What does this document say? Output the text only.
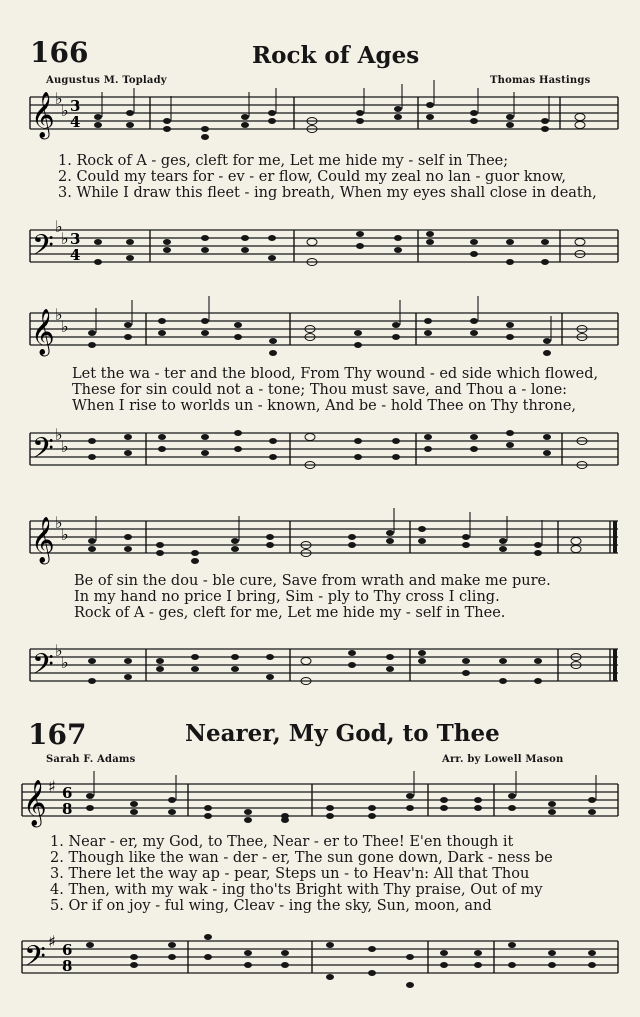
166	Rock of Ages
Augustus M. Toplady	Thomas Hastings
𝄞
𝄞
𝄞
𝄞
𝄢
𝄢
𝄢
𝄢
♭
♭
♭
♭
♭
♭
♭
♭
♭
♭
♭
♭
♯
♯
3
4
3
4
6
8
6
8
1. Rock of A - ges, cleft for me, Let me hide my - self in Thee;
2. Could my tears for - ev - er flow, Could my zeal no lan - guor know,
3. While I draw this fleet - ing breath, When my eyes shall close in death,
Let the wa - ter and the blood, From Thy wound - ed side which flowed,
These for sin could not a - tone; Thou must save, and Thou a - lone:
When I rise to worlds un - known, And be - hold Thee on Thy throne,
Be of sin the dou - ble cure, Save from wrath and make me pure.
In my hand no price I bring, Sim - ply to Thy cross I cling.
Rock of A - ges, cleft for me, Let me hide my - self in Thee.
167	Nearer, My God, to Thee
Sarah F. Adams	Arr. by Lowell Mason
1. Near - er, my God, to Thee, Near - er to Thee! E'en though it
2. Though like the wan - der - er, The sun gone down, Dark - ness be
3. There let the way ap - pear, Steps un - to Heav'n: All that Thou
4. Then, with my wak - ing tho'ts Bright with Thy praise, Out of my
5. Or if on joy - ful wing, Cleav - ing the sky, Sun, moon, and
